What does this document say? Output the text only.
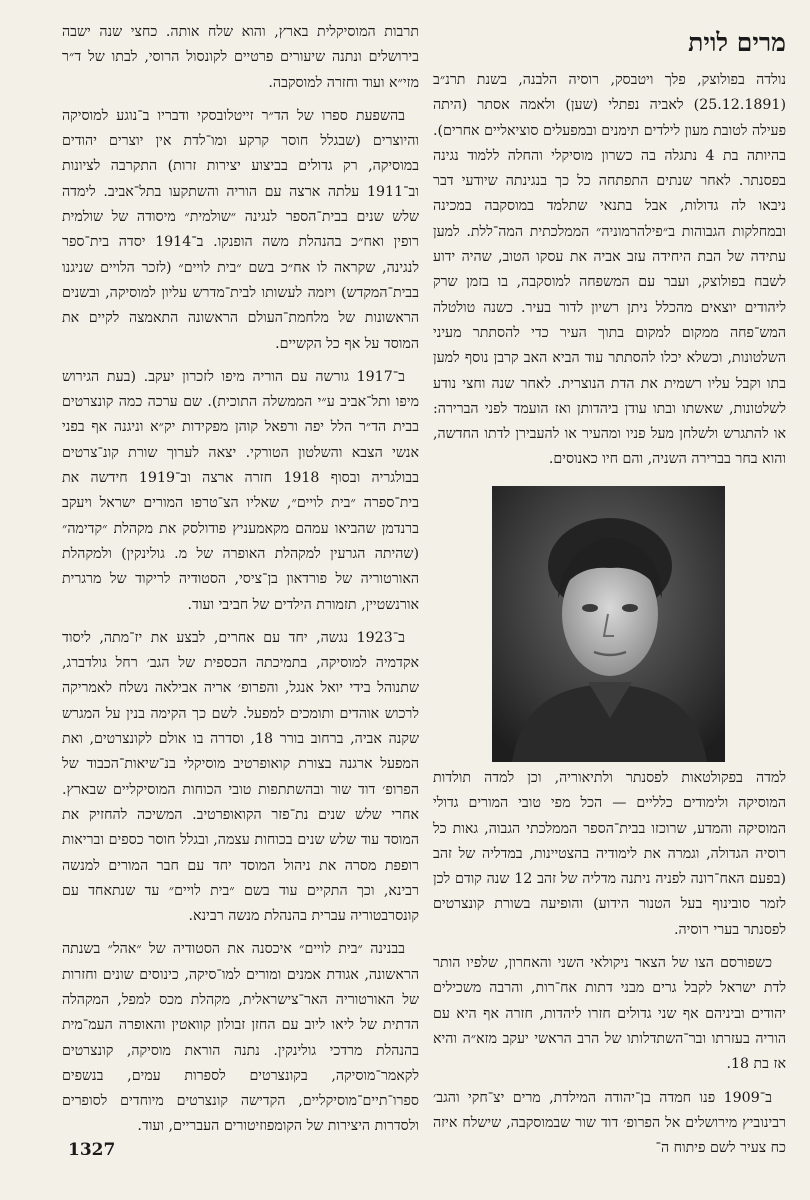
מרים לוית

נולדה בפולוצק, פלך ויטבסק, רוסיה הלבנה, בשנת תרנ״ב (25.12.1891) לאביה נפתלי (שען) ולאמה אסתר (היתה פעילה לטובת מעון לילדים תימנים ובמפעלים סוציאליים אחרים). בהיותה בת 4 נתגלה בה כשרון מוסיקלי והחלה ללמוד נגינה בפסנתר. לאחר שנתים התפתחה כל כך בנגינתה שיודעי דבר ניבאו לה גדולות, אבל בתנאי שתלמד במוסקבה במכינה ובמחלקות הגבוהות ב״פילהרמוניה״ הממלכתית המה־ללת. למען עתידה של הבת היחידה עזב אביה את עסקו הטוב, שהיה ידוע לשבח בפולוצק, ועבר עם המשפחה למוסקבה, בו בזמן שרק ליהודים יוצאים מהכלל ניתן רשיון לדור בעיר. כשנה טולטלה המש־פחה ממקום למקום בתוך העיר כדי להסתתר מעיני השלטונות, וכשלא יכלו להסתתר עוד הביא האב קרבן נוסף למען בתו וקבל עליו רשמית את הדת הנוצרית. לאחר שנה וחצי נודע לשלטונות, שאשתו ובתו עודן ביהדותן ואז הועמד לפני הברירה: או להתגרש ולשלחן מעל פניו ומהעיר או להעבירן לדתו החדשה, והוא בחר בברירה השניה, והם חיו כאנוסים.

למדה בפקולטאות לפסנתר ולתיאוריה, וכן למדה תולדות המוסיקה ולימודים כלליים — הכל מפי טובי המורים גדולי המוסיקה והמדע, שרוכזו בבית־הספר הממלכתי הגבוה, גאות כל רוסיה הגדולה, וגמרה את לימודיה בהצטיינות, במדליה של זהב (בפעם האח־רונה לפניה ניתנה מדליה של זהב 12 שנה קודם לכן לזמר סובינוף בעל הטנור הידוע) והופיעה בשורת קונצרטים לפסנתר בערי רוסיה.

כשפורסם הצו של הצאר ניקולאי השני והאחרון, שלפיו הותר לדת ישראל לקבל גרים מבני דתות אח־רות, והרבה משכילים יהודים וביניהם אף שני גדולים חזרו ליהדות, חזרה אף היא עם הוריה בעזרתו ובר־השתדלותו של הרב הראשי יעקב מזא״ה והיא אז בת 18.

ב־1909 פנו חמדה בן־יהודה המילדת, מרים יצ־חקי והגב׳ רבינוביץ מירושלים אל הפרופ׳ דוד שור שבמוסקבה, שישלח איזה כח צעיר לשם פיתוח ה־

תרבות המוסיקלית בארץ, והוא שלח אותה. כחצי שנה ישבה בירושלים ונתנה שיעורים פרטיים לקונסול הרוסי, לבתו של ד״ר מזי״א ועוד וחזרה למוסקבה.

בהשפעת ספרו של הד״ר זייטלובסקי ודבריו ב־נוגע למוסיקה והיוצרים (שבגלל חוסר קרקע ומו־לדת אין יוצרים יהודים במוסיקה, רק גדולים בביצוע יצירות זרות) התקרבה לציונות וב־1911 עלתה ארצה עם הוריה והשתקעו בתל־אביב. לימדה שלש שנים בבית־הספר לנגינה ״שולמית״ מיסודה של שולמית רופין ואח״כ בהנהלת משה הופנקו. ב־1914 יסדה בית־ספר לנגינה, שקראה לו אח״כ בשם ״בית לויים״ (לזכר הלויים שניגנו בבית־המקדש) ויזמה לעשותו לבית־מדרש עליון למוסיקה, ובשנים הראשונות של מלחמת־העולם הראשונה התאמצה לקיים את המוסד על אף כל הקשיים.

ב־1917 גורשה עם הוריה מיפו לזכרון יעקב. (בעת הגירוש מיפו ותל־אביב ע״י הממשלה התוכית). שם ערכה כמה קונצרטים בבית הד״ר הלל יפה ורפאל קוהן מפקידות יק״א וניגנה אף בפני אנשי הצבא והשלטון הטורקי. יצאה לערוך שורת קונ־צרטים בבולגריה ובסוף 1918 חזרה ארצה וב־1919 חידשה את בית־ספרה ״בית לויים״, שאליו הצ־טרפו המורים ישראל ויעקב ברנדמן שהביאו עמהם מקאמעניץ פודולסק את מקהלת ״קדימה״ (שהיתה הגרעין למקהלת האופרה של מ. גולינקין) ולמקהלת האורטוריה של פורדאון בן־ציסי, הסטודיה לריקוד של מרגרית אורנשטיין, תזמורת הילדים של חביבי ועוד.

ב־1923 נגשה, יחד עם אחרים, לבצע את יז־מתה, ליסוד אקדמיה למוסיקה, בתמיכתה הכספית של הגב׳ רחל גולדברג, שתנוהל בידי יואל אנגל, והפרופ׳ אריה אבילאה נשלח לאמריקה לרכוש אוהדים ותומכים למפעל. לשם כך הקימה בנין על המגרש שקנה אביה, ברחוב בורר 18, וסדרה בו אולם לקונצרטים, ואת המפעל ארגנה בצורת קואופרטיב מוסיקלי בנ־שיאות־הכבוד של הפרופ׳ דוד שור ובהשתתפות טובי הכוחות המוסיקליים שבארץ. אחרי שלש שנים נת־פזר הקואופרטיב. המשיכה להחזיק את המוסד עוד שלש שנים בכוחות עצמה, ובגלל חוסר כספים ובריאות רופפת מסרה את ניהול המוסד יחד עם חבר המורים למנשה רבינא, וכך התקיים עוד בשם ״בית לויים״ עד שנתאחד עם קונסרבטוריה עברית בהנהלת מנשה רבינא.

בבנינה ״בית לויים״ איכסנה את הסטודיה של ״אהל״ בשנתה הראשונה, אגודת אמנים ומורים למו־סיקה, כינוסים שונים וחזרות של האורטוריה האר־צישראלית, מקהלת מכס למפל, המקהלה הדתית של ליאו ליוב עם החזן זבולון קוואטין והאופרה העמ־מית בהנהלת מרדכי גולינקין. נתנה הוראת מוסיקה, קונצרטים לקאמר־מוסיקה, בקונצרטים לספרות עמים, בנשפים ספרו־תיים־מוסיקליים, הקדישה קונצרטים מיוחדים לסופרים ולסדרות היצירות של הקומפוזיטורים העבריים, ועוד.

1327
